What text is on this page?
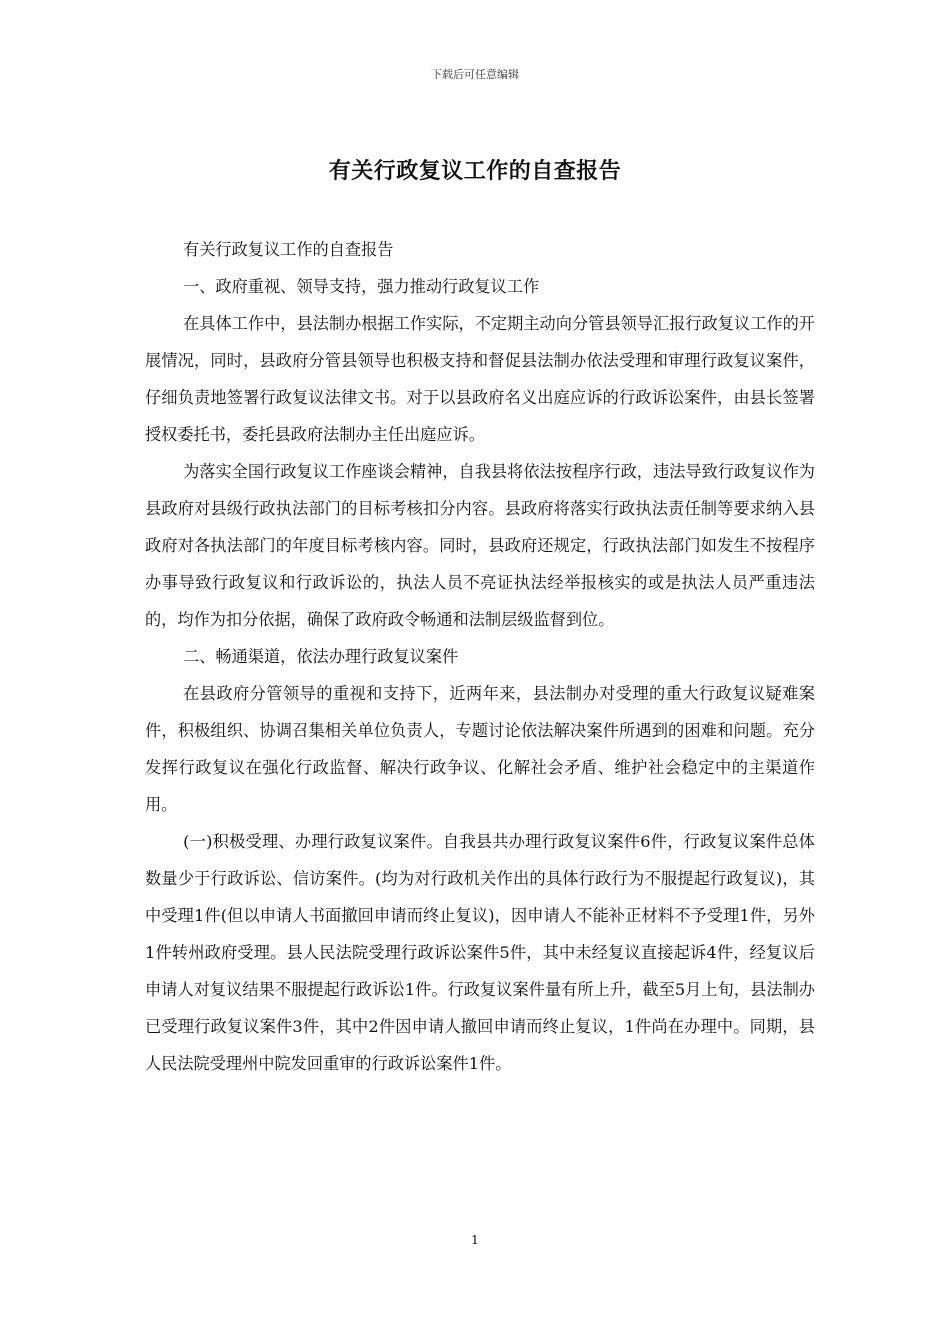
下载后可任意编辑
有关行政复议工作的自查报告

有关行政复议工作的自查报告

一、政府重视、领导支持，强力推动行政复议工作

在具体工作中，县法制办根据工作实际，不定期主动向分管县领导汇报行政复议工作的开展情况，同时，县政府分管县领导也积极支持和督促县法制办依法受理和审理行政复议案件，仔细负责地签署行政复议法律文书。对于以县政府名义出庭应诉的行政诉讼案件，由县长签署授权委托书，委托县政府法制办主任出庭应诉。

为落实全国行政复议工作座谈会精神，自我县将依法按程序行政，违法导致行政复议作为县政府对县级行政执法部门的目标考核扣分内容。县政府将落实行政执法责任制等要求纳入县政府对各执法部门的年度目标考核内容。同时，县政府还规定，行政执法部门如发生不按程序办事导致行政复议和行政诉讼的，执法人员不亮证执法经举报核实的或是执法人员严重违法的，均作为扣分依据，确保了政府政令畅通和法制层级监督到位。

二、畅通渠道，依法办理行政复议案件

在县政府分管领导的重视和支持下，近两年来，县法制办对受理的重大行政复议疑难案件，积极组织、协调召集相关单位负责人，专题讨论依法解决案件所遇到的困难和问题。充分发挥行政复议在强化行政监督、解决行政争议、化解社会矛盾、维护社会稳定中的主渠道作用。

(一)积极受理、办理行政复议案件。自我县共办理行政复议案件6件，行政复议案件总体数量少于行政诉讼、信访案件。(均为对行政机关作出的具体行政行为不服提起行政复议)，其中受理1件(但以申请人书面撤回申请而终止复议)，因申请人不能补正材料不予受理1件，另外1件转州政府受理。县人民法院受理行政诉讼案件5件，其中未经复议直接起诉4件，经复议后申请人对复议结果不服提起行政诉讼1件。行政复议案件量有所上升，截至5月上旬，县法制办已受理行政复议案件3件，其中2件因申请人撤回申请而终止复议，1件尚在办理中。同期，县人民法院受理州中院发回重审的行政诉讼案件1件。

1
